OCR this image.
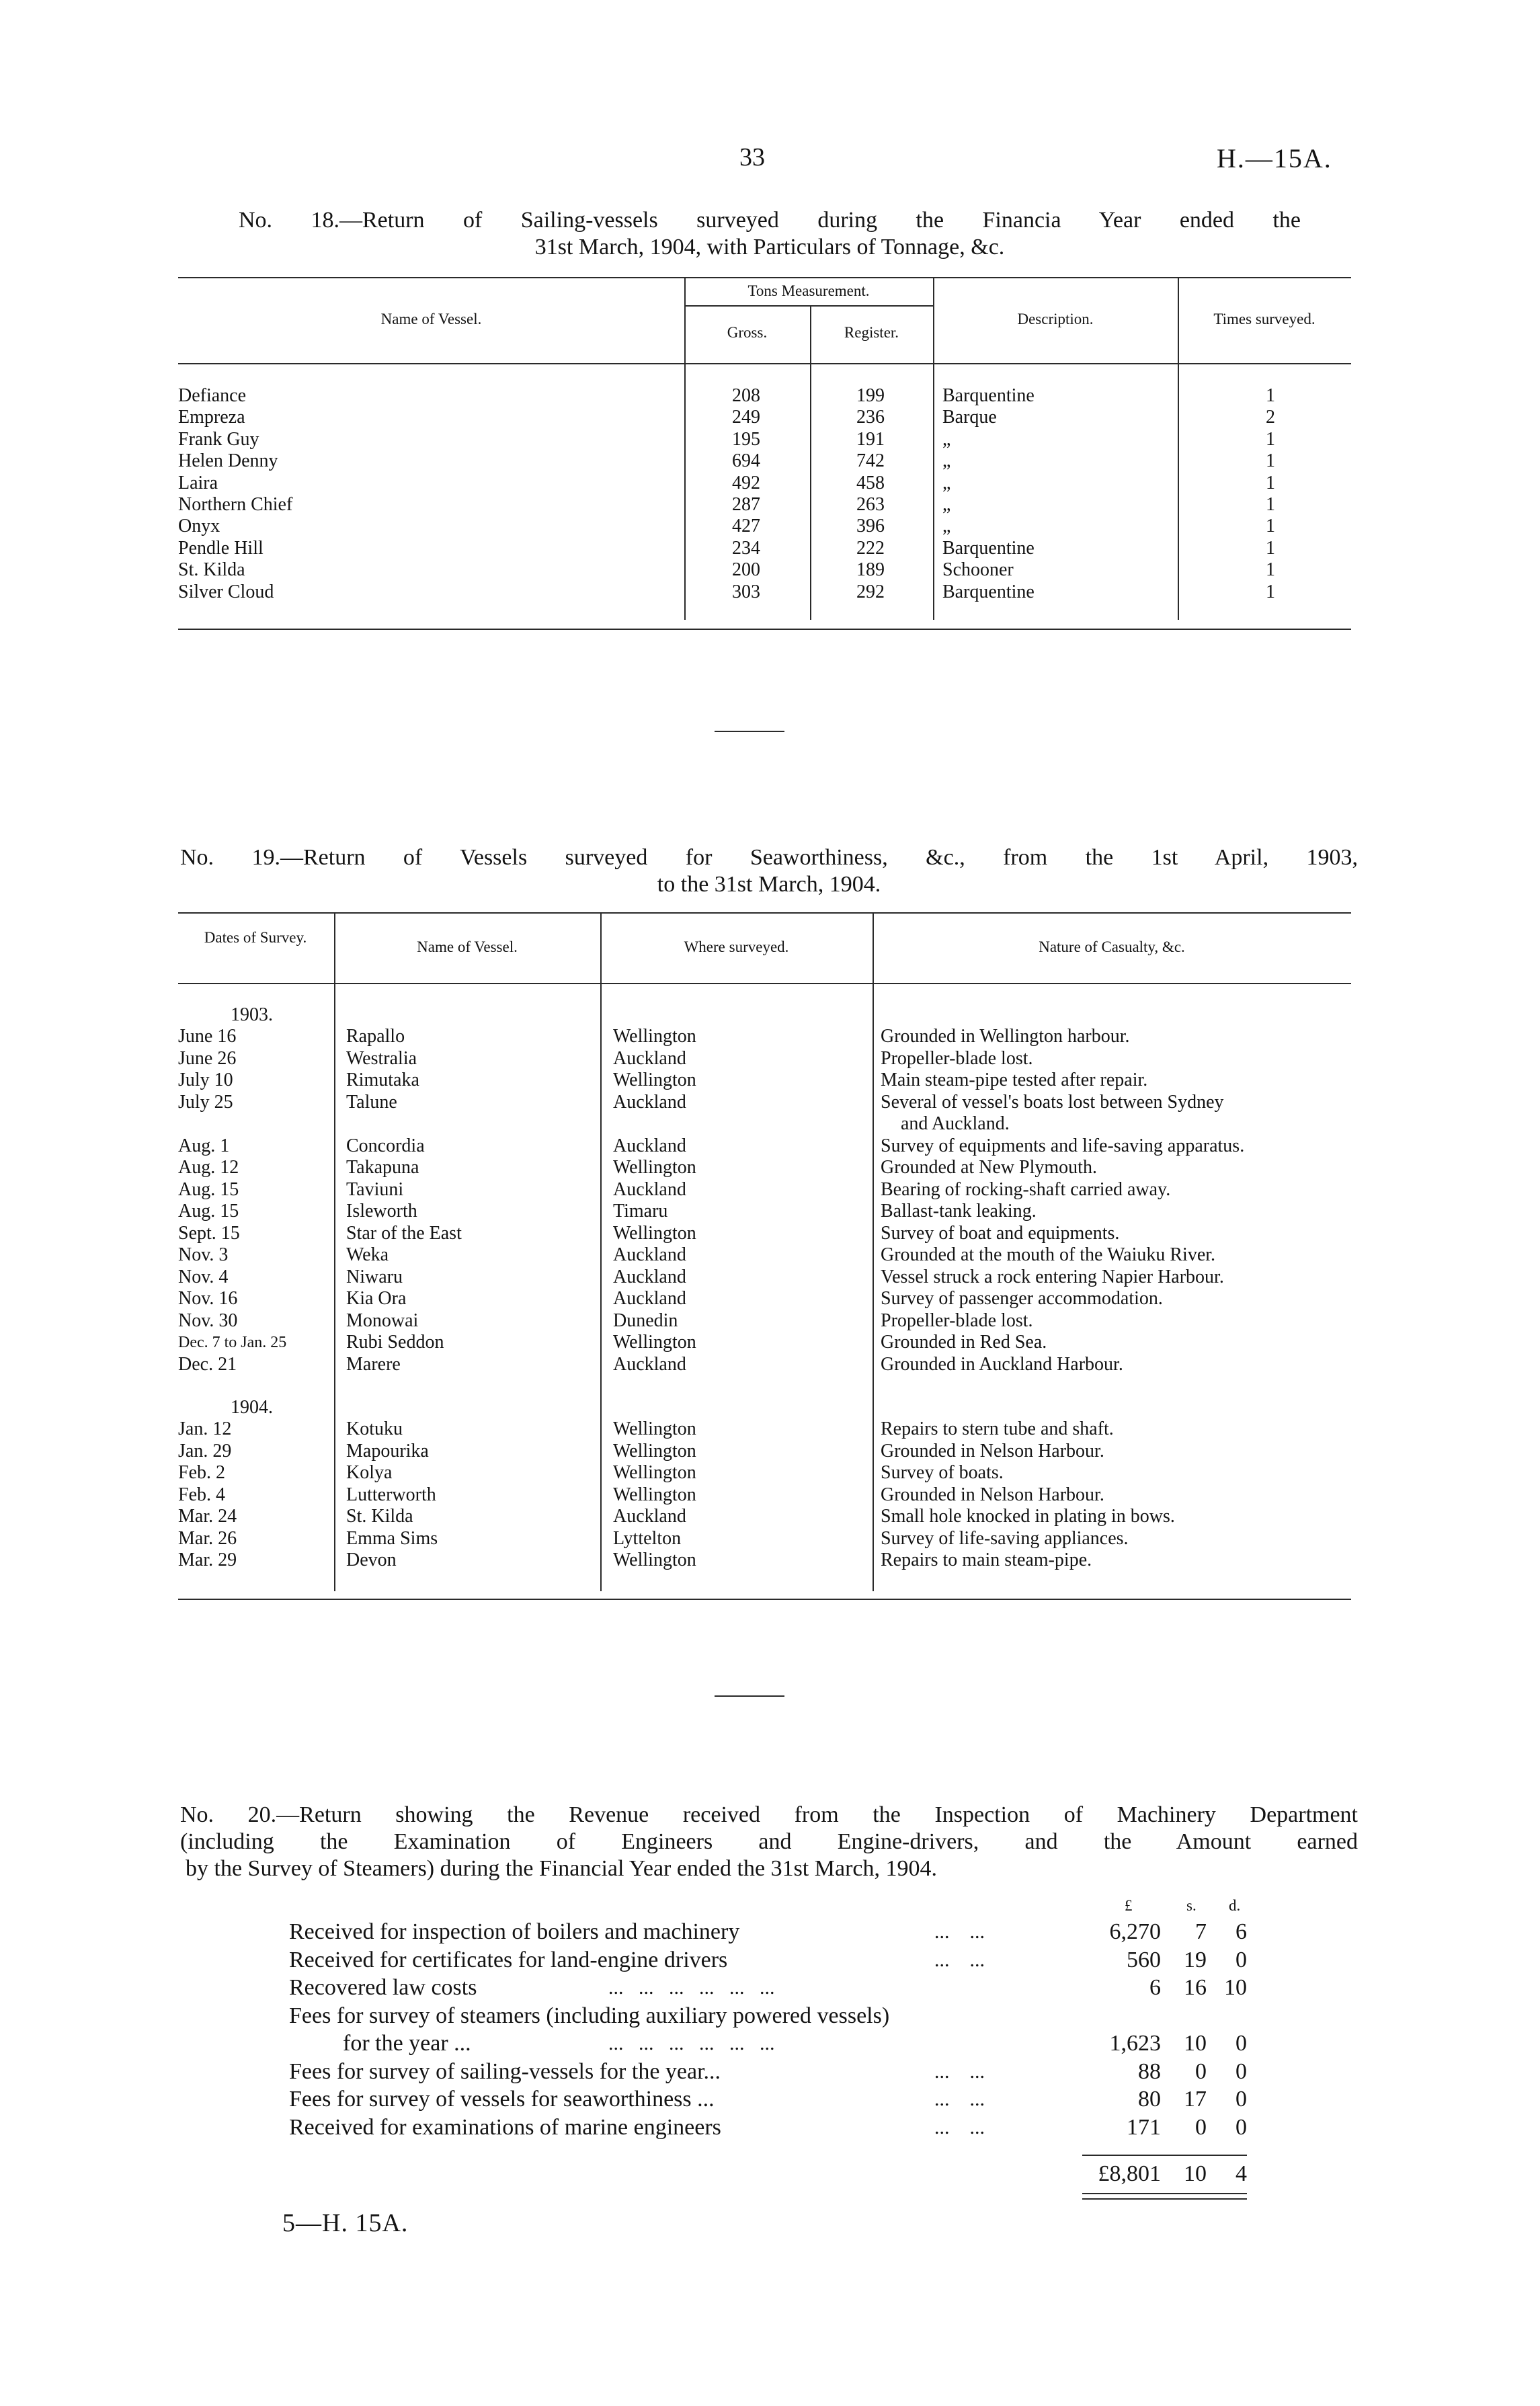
33	H.—15A.
No. 18.—Return of Sailing-vessels surveyed during the Financia Year ended the
31st March, 1904, with Particulars of Tonnage, &c.
Name of Vessel.
Tons Measurement.
Gross.	Register.
Description.	Times surveyed.
Defiance	208	199	Barquentine	1
Empreza	249	236	Barque	2
Frank Guy	195	191	„	1
Helen Denny	694	742	„	1
Laira	492	458	„	1
Northern Chief	287	263	„	1
Onyx	427	396	„	1
Pendle Hill	234	222	Barquentine	1
St. Kilda	200	189	Schooner	1
Silver Cloud	303	292	Barquentine	1
No. 19.—Return of Vessels surveyed for Seaworthiness, &c., from the 1st April, 1903,
to the 31st March, 1904.
Dates of Survey.
Name of Vessel.	Where surveyed.	Nature of Casualty, &c.
1903.
1904.
June 16	Rapallo	Wellington	Grounded in Wellington harbour.
June 26	Westralia	Auckland	Propeller-blade lost.
July 10	Rimutaka	Wellington	Main steam-pipe tested after repair.
July 25	Talune	Auckland	Several of vessel's boats lost between Sydney
and Auckland.
Aug. 1	Concordia	Auckland	Survey of equipments and life-saving apparatus.
Aug. 12	Takapuna	Wellington	Grounded at New Plymouth.
Aug. 15	Taviuni	Auckland	Bearing of rocking-shaft carried away.
Aug. 15	Isleworth	Timaru	Ballast-tank leaking.
Sept. 15	Star of the East	Wellington	Survey of boat and equipments.
Nov. 3	Weka	Auckland	Grounded at the mouth of the Waiuku River.
Nov. 4	Niwaru	Auckland	Vessel struck a rock entering Napier Harbour.
Nov. 16	Kia Ora	Auckland	Survey of passenger accommodation.
Nov. 30	Monowai	Dunedin	Propeller-blade lost.
Dec. 7 to Jan. 25	Rubi Seddon	Wellington	Grounded in Red Sea.
Dec. 21	Marere	Auckland	Grounded in Auckland Harbour.
Jan. 12	Kotuku	Wellington	Repairs to stern tube and shaft.
Jan. 29	Mapourika	Wellington	Grounded in Nelson Harbour.
Feb. 2	Kolya	Wellington	Survey of boats.
Feb. 4	Lutterworth	Wellington	Grounded in Nelson Harbour.
Mar. 24	St. Kilda	Auckland	Small hole knocked in plating in bows.
Mar. 26	Emma Sims	Lyttelton	Survey of life-saving appliances.
Mar. 29	Devon	Wellington	Repairs to main steam-pipe.
No. 20.—Return showing the Revenue received from the Inspection of Machinery Department
(including the Examination of Engineers and Engine-drivers, and the Amount earned
by the Survey of Steamers) during the Financial Year ended the 31st March, 1904.
£	s. d.
Received for inspection of boilers and machinery	...    ...	6,270	7	6
Received for certificates for land-engine drivers	...    ...	560	19	0
Recovered law costs	...   ...   ...   ...   ...   ...	6	16 10
Fees for survey of steamers (including auxiliary powered vessels)
for the year ...	...   ...   ...   ...   ...   ...	1,623	10	0
Fees for survey of sailing-vessels for the year...	...    ...	88	0	0
Fees for survey of vessels for seaworthiness ...	...    ...	80	17	0
Received for examinations of marine engineers	...    ...	171	0	0
£8,801	10	4
5—H. 15A.
